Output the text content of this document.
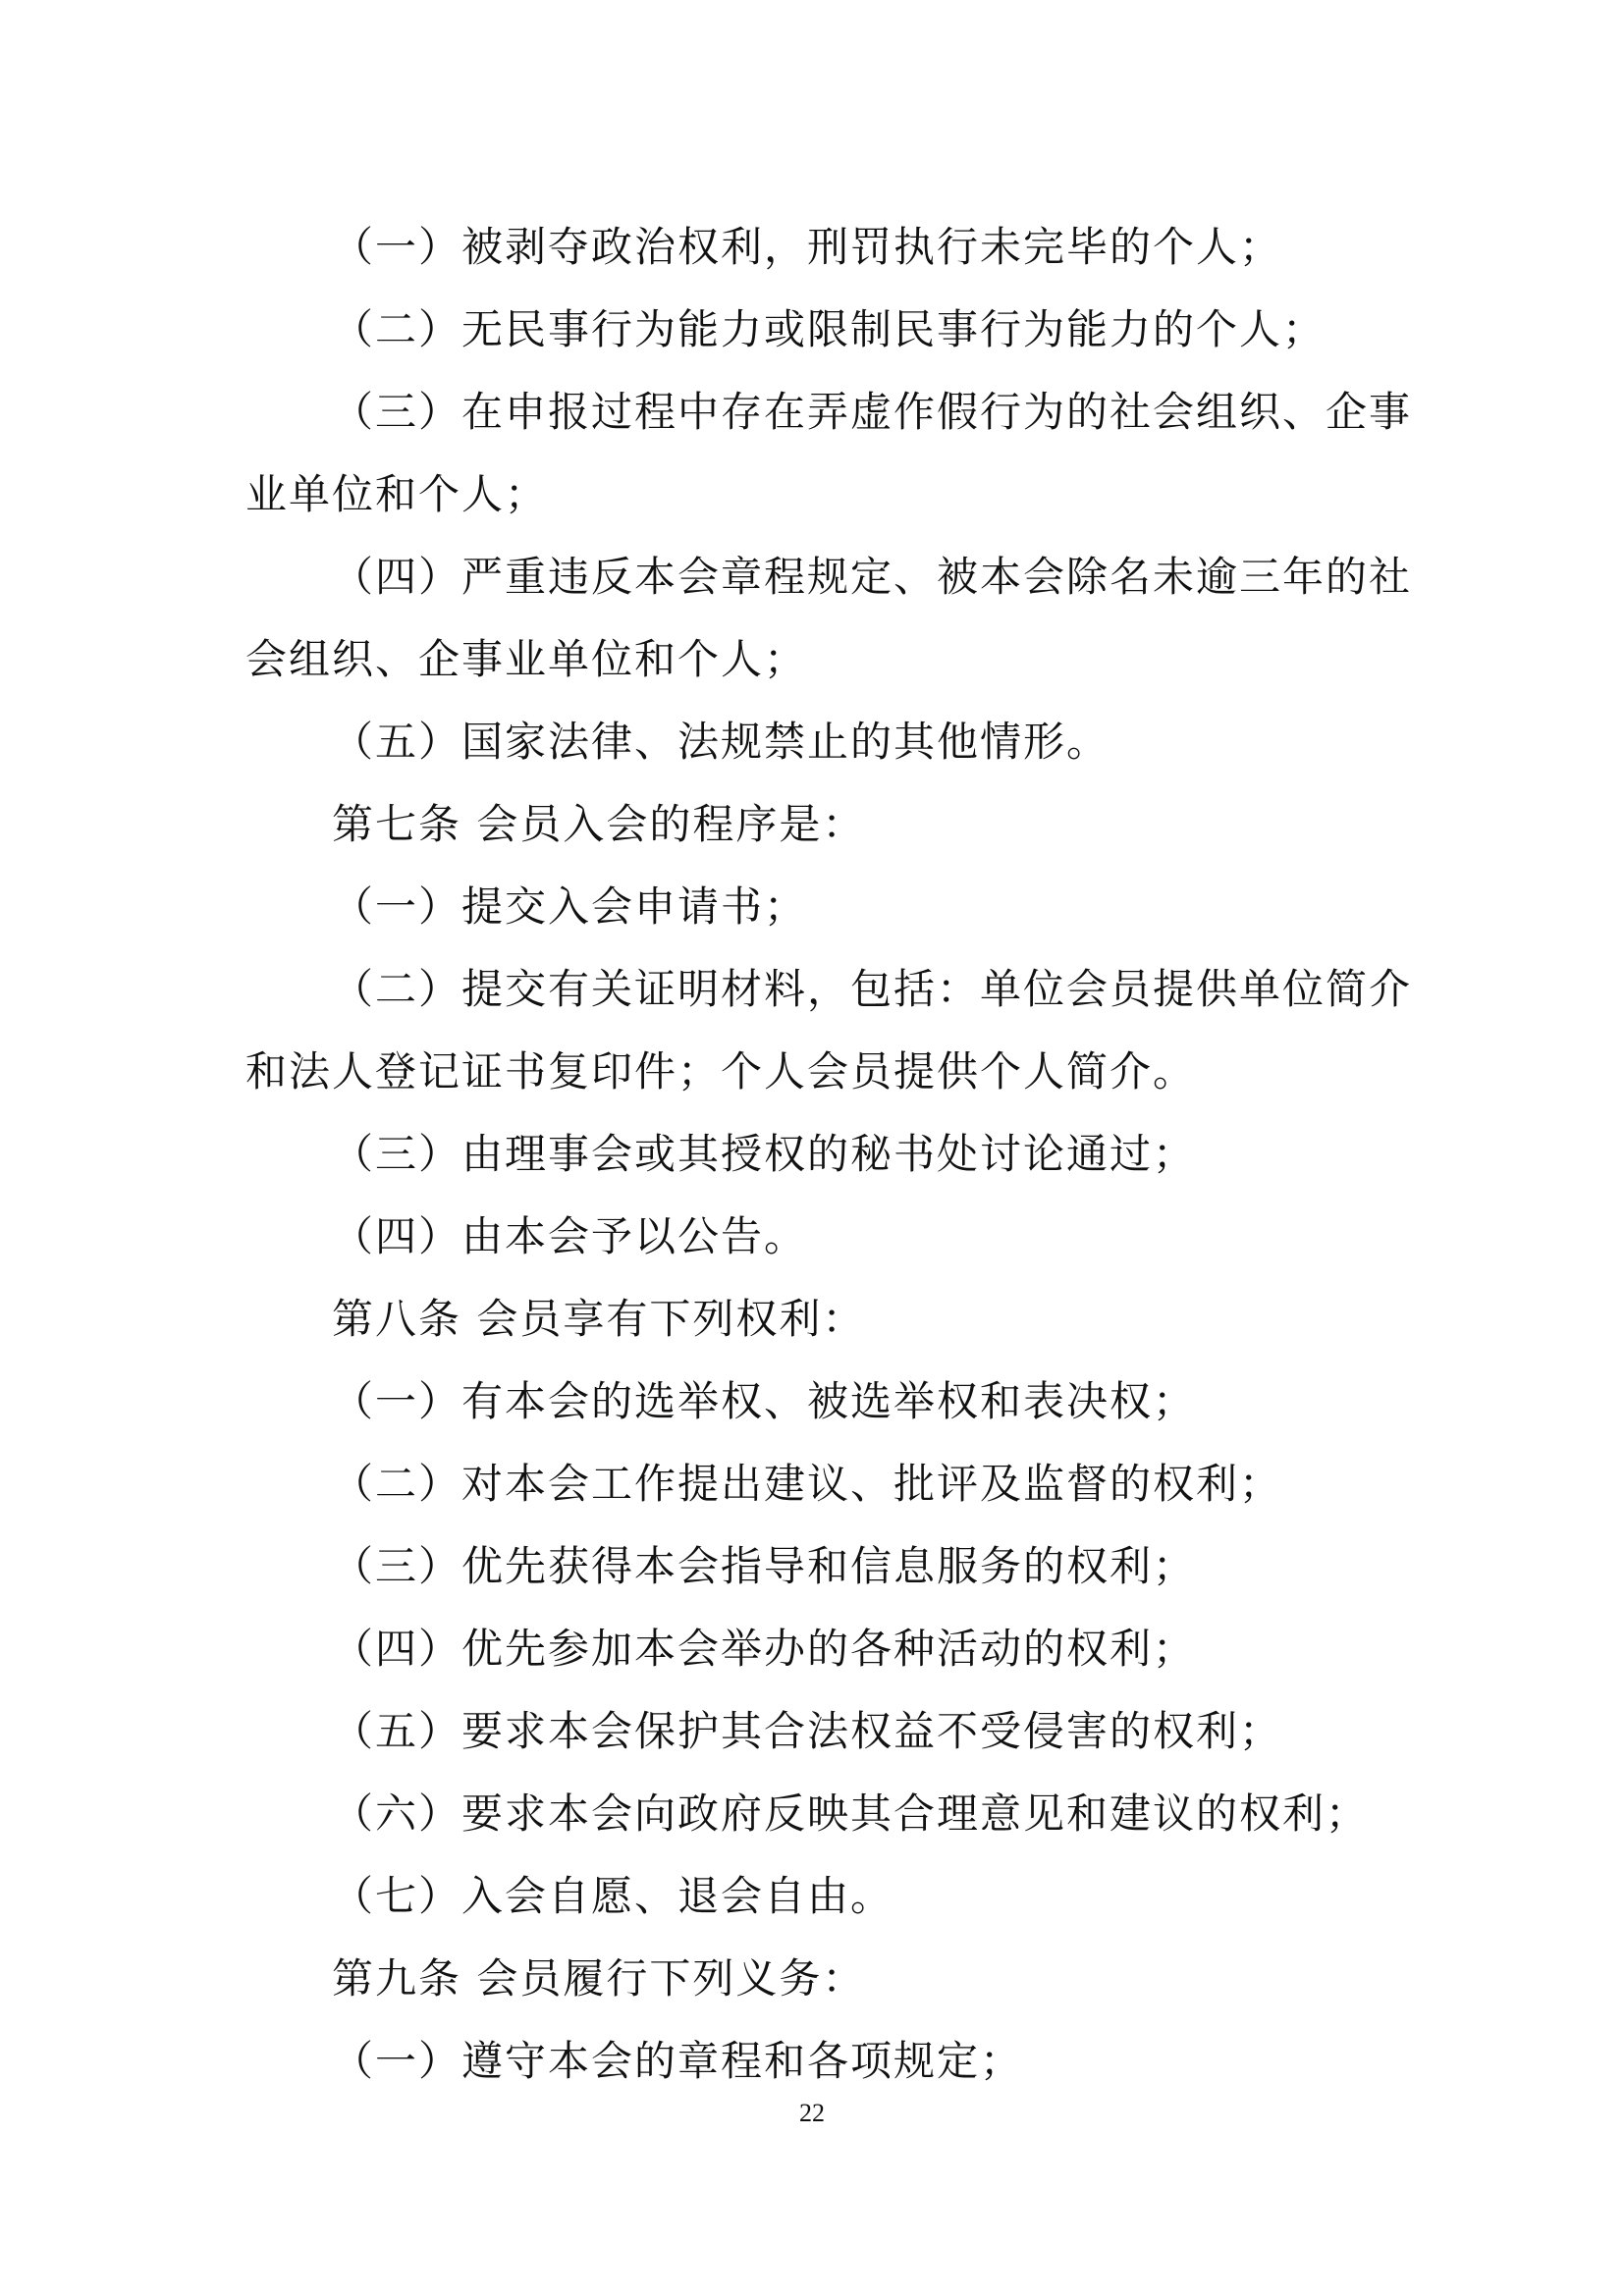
（一）被剥夺政治权利，刑罚执行未完毕的个人；
（二）无民事行为能力或限制民事行为能力的个人；
（三）在申报过程中存在弄虚作假行为的社会组织、企事
业单位和个人；
（四）严重违反本会章程规定、被本会除名未逾三年的社
会组织、企事业单位和个人；
（五）国家法律、法规禁止的其他情形。
第七条 会员入会的程序是：
（一）提交入会申请书；
（二）提交有关证明材料，包括：单位会员提供单位简介
和法人登记证书复印件；个人会员提供个人简介。
（三）由理事会或其授权的秘书处讨论通过；
（四）由本会予以公告。
第八条 会员享有下列权利：
（一）有本会的选举权、被选举权和表决权；
（二）对本会工作提出建议、批评及监督的权利；
（三）优先获得本会指导和信息服务的权利；
（四）优先参加本会举办的各种活动的权利；
（五）要求本会保护其合法权益不受侵害的权利；
（六）要求本会向政府反映其合理意见和建议的权利；
（七）入会自愿、退会自由。
第九条 会员履行下列义务：
（一）遵守本会的章程和各项规定；
22
